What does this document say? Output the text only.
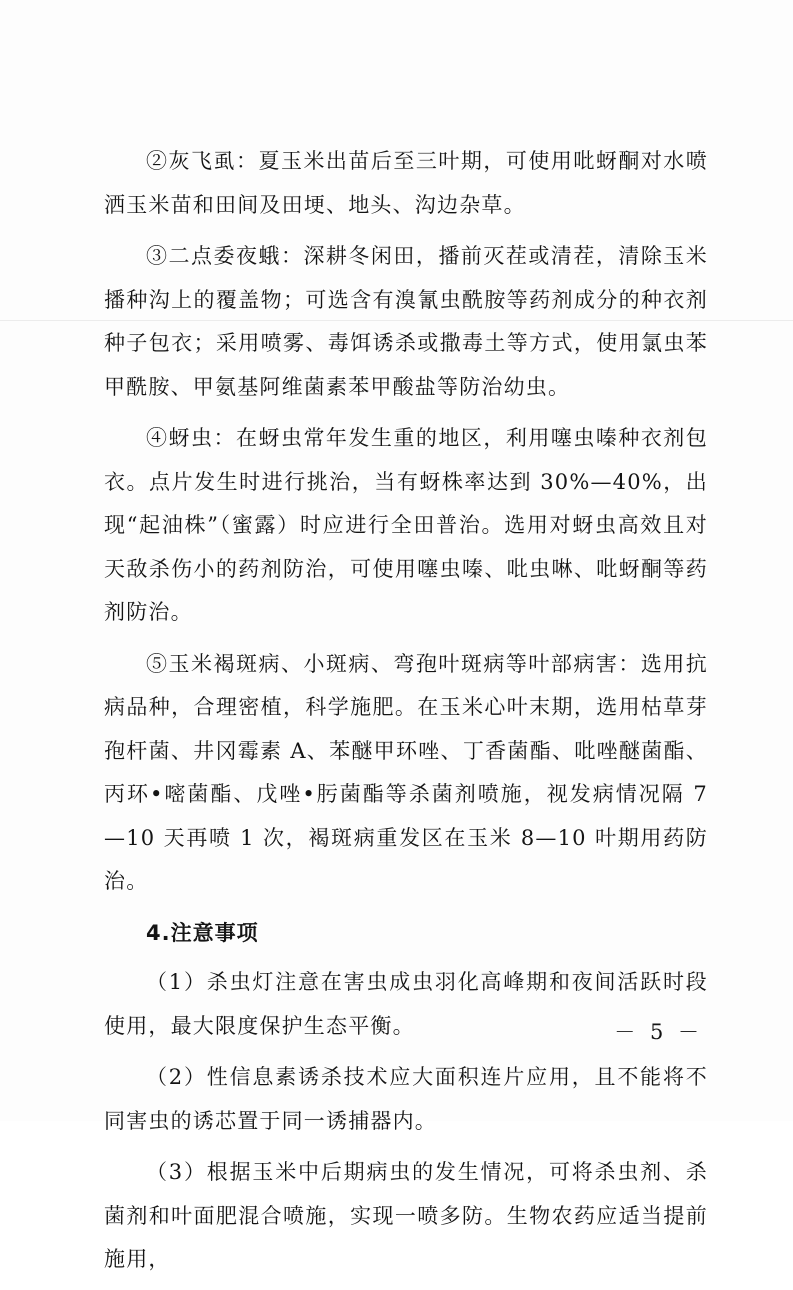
②灰飞虱：夏玉米出苗后至三叶期，可使用吡蚜酮对水喷洒玉米苗和田间及田埂、地头、沟边杂草。

③二点委夜蛾：深耕冬闲田，播前灭茬或清茬，清除玉米播种沟上的覆盖物；可选含有溴氰虫酰胺等药剂成分的种衣剂种子包衣；采用喷雾、毒饵诱杀或撒毒土等方式，使用氯虫苯甲酰胺、甲氨基阿维菌素苯甲酸盐等防治幼虫。

④蚜虫：在蚜虫常年发生重的地区，利用噻虫嗪种衣剂包衣。点片发生时进行挑治，当有蚜株率达到 30%—40%，出现“起油株”（蜜露）时应进行全田普治。选用对蚜虫高效且对天敌杀伤小的药剂防治，可使用噻虫嗪、吡虫啉、吡蚜酮等药剂防治。

⑤玉米褐斑病、小斑病、弯孢叶斑病等叶部病害：选用抗病品种，合理密植，科学施肥。在玉米心叶末期，选用枯草芽孢杆菌、井冈霉素 A、苯醚甲环唑、丁香菌酯、吡唑醚菌酯、丙环•嘧菌酯、戊唑•肟菌酯等杀菌剂喷施，视发病情况隔 7—10 天再喷 1 次，褐斑病重发区在玉米 8—10 叶期用药防治。

4.注意事项

（1）杀虫灯注意在害虫成虫羽化高峰期和夜间活跃时段使用，最大限度保护生态平衡。

（2）性信息素诱杀技术应大面积连片应用，且不能将不同害虫的诱芯置于同一诱捕器内。

（3）根据玉米中后期病虫的发生情况，可将杀虫剂、杀菌剂和叶面肥混合喷施，实现一喷多防。生物农药应适当提前施用，

－ 5 －
